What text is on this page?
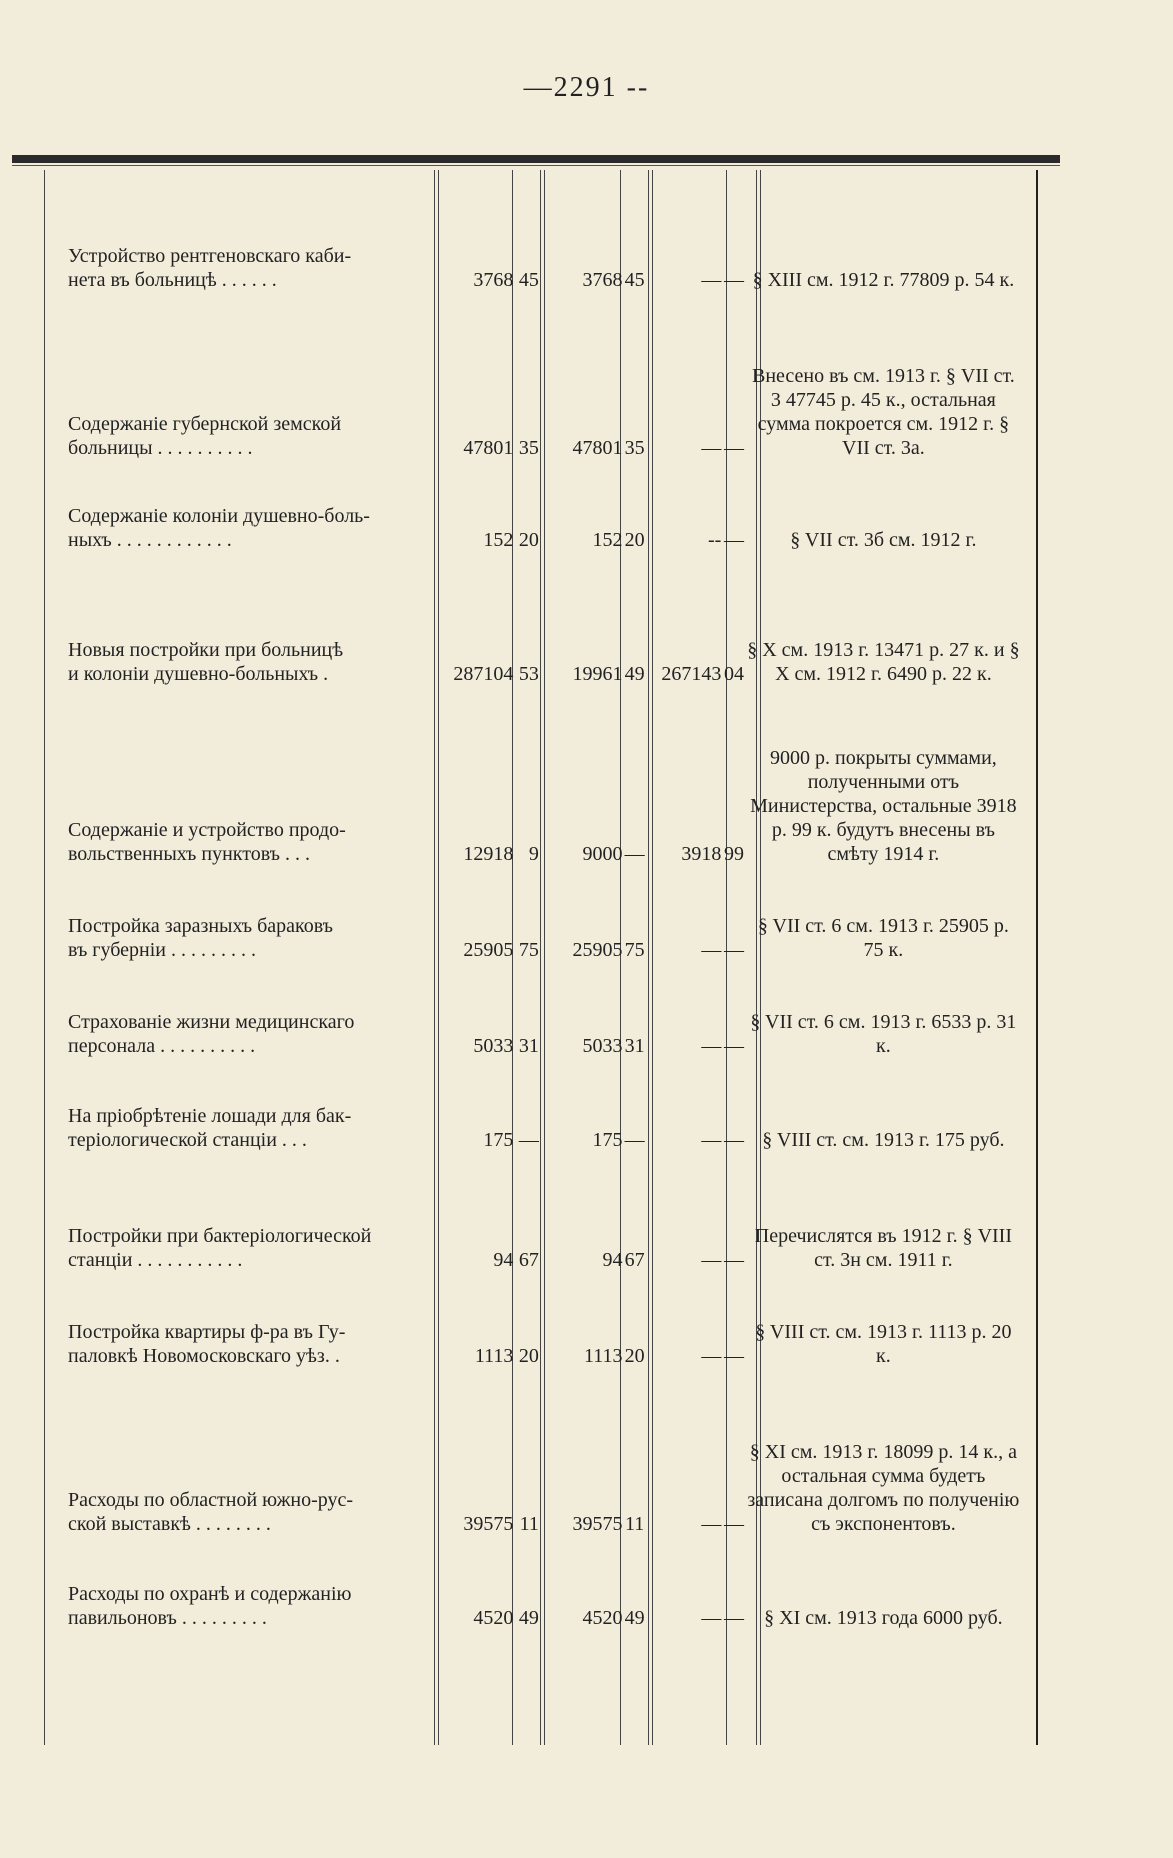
—2291 --

Устройство рентгеновскаго каби-
нета въ больницѣ . . . . . .	3768	45	3768	45	—	—	§ XIII см. 1912 г. 77809 р. 54 к.

Содержанiе губернской земской
больницы . . . . . . . . . .	47801	35	47801	35	—	—	Внесено въ см. 1913 г. § VII ст. 3 47745 р. 45 к., остальная сумма покроется см. 1912 г. § VII ст. 3а.

Содержанiе колонiи душевно-боль-
ныхъ . . . . . . . . . . . .	152	20	152	20	--	—	§ VII ст. 3б см. 1912 г.

Новыя постройки при больницѣ
и колонiи душевно-больныхъ .	287104	53	19961	49	267143	04	§ X см. 1913 г. 13471 р. 27 к. и § X см. 1912 г. 6490 р. 22 к.

Содержанiе и устройство продо-
вольственныхъ пунктовъ . . .	12918	9	9000	—	3918	99	9000 р. покрыты суммами, полученными отъ Министерства, остальные 3918 р. 99 к. будутъ внесены въ смѣту 1914 г.

Постройка заразныхъ бараковъ
въ губернiи . . . . . . . . .	25905	75	25905	75	—	—	§ VII ст. 6 см. 1913 г. 25905 р. 75 к.

Страхованiе жизни медицинскаго
персонала . . . . . . . . . .	5033	31	5033	31	—	—	§ VII ст. 6 см. 1913 г. 6533 р. 31 к.

На прiобрѣтенiе лошади для бак-
терiологической станцiи . . .	175	—	175	—	—	—	§ VIII ст. см. 1913 г. 175 руб.

Постройки при бактерiологической
станцiи . . . . . . . . . . .	94	67	94	67	—	—	Перечислятся въ 1912 г. § VIII ст. 3н см. 1911 г.

Постройка квартиры ф-ра въ Гу-
паловкѣ Новомосковскаго уѣз. .	1113	20	1113	20	—	—	§ VIII ст. см. 1913 г. 1113 р. 20 к.

Расходы по областной южно-рус-
ской выставкѣ . . . . . . . .	39575	11	39575	11	—	—	§ XI см. 1913 г. 18099 р. 14 к., а остальная сумма будетъ записана долгомъ по полученiю съ экспонентовъ.

Расходы по охранѣ и содержанiю
павильоновъ . . . . . . . . .	4520	49	4520	49	—	—	§ XI см. 1913 года 6000 руб.
